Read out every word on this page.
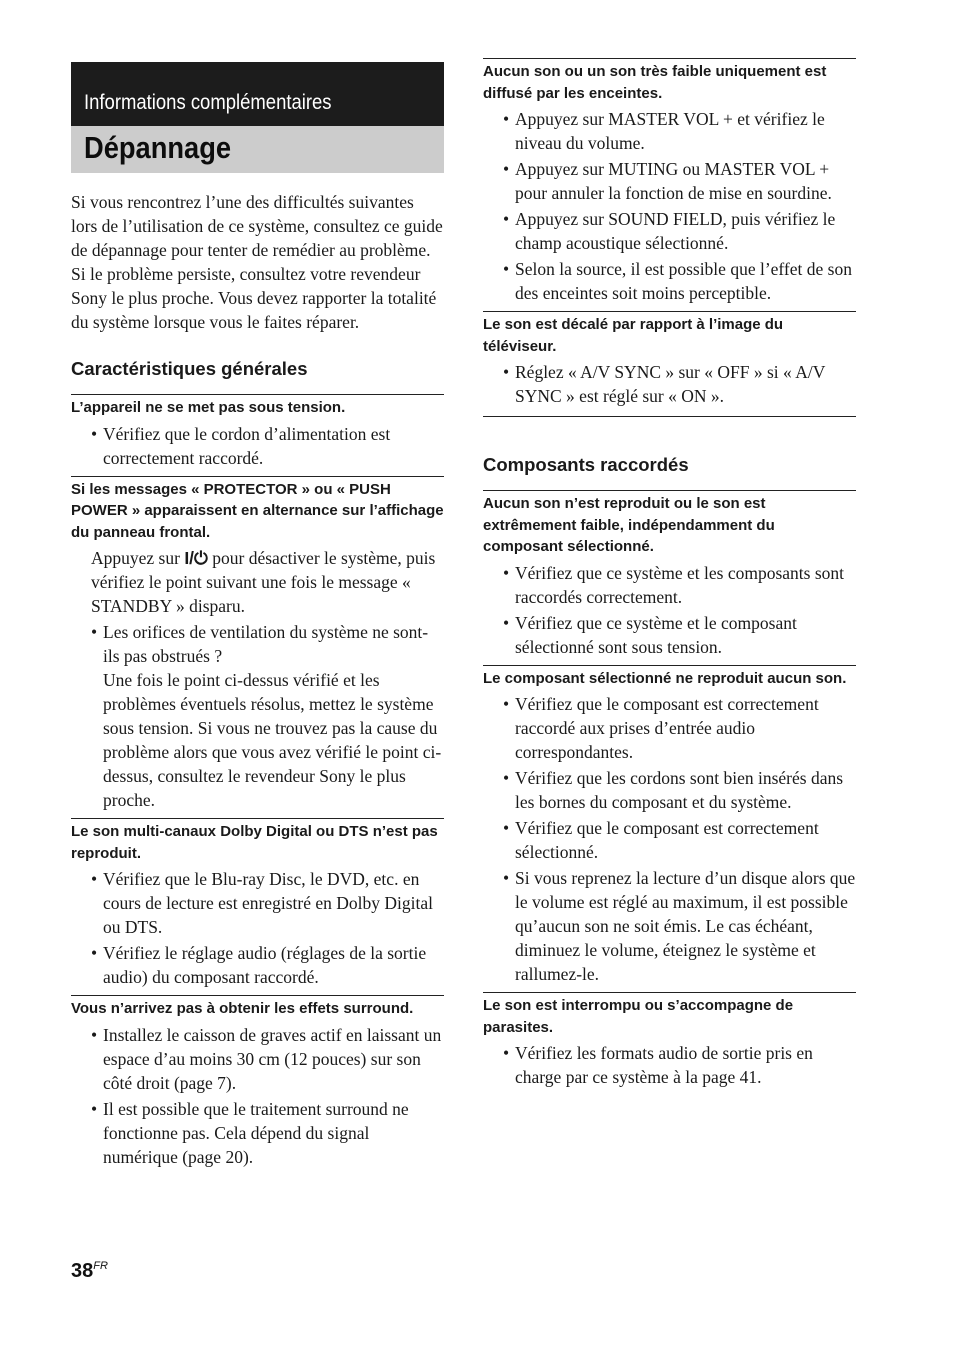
Informations complémentaires
Dépannage

Si vous rencontrez l’une des difficultés suivantes lors de l’utilisation de ce système, consultez ce guide de dépannage pour tenter de remédier au problème. Si le problème persiste, consultez votre revendeur Sony le plus proche. Vous devez rapporter la totalité du système lorsque vous le faites réparer.

Caractéristiques générales
L’appareil ne se met pas sous tension.
• Vérifiez que le cordon d’alimentation est correctement raccordé.
Si les messages « PROTECTOR » ou « PUSH POWER » apparaissent en alternance sur l’affichage du panneau frontal.

Appuyez sur I/⏻ pour désactiver le système, puis vérifiez le point suivant une fois le message « STANDBY » disparu.

• Les orifices de ventilation du système ne sont-ils pas obstrués ?
Une fois le point ci-dessus vérifié et les problèmes éventuels résolus, mettez le système sous tension. Si vous ne trouvez pas la cause du problème alors que vous avez vérifié le point ci-dessus, consultez le revendeur Sony le plus proche.
Le son multi-canaux Dolby Digital ou DTS n’est pas reproduit.
• Vérifiez que le Blu-ray Disc, le DVD, etc. en cours de lecture est enregistré en Dolby Digital ou DTS.
• Vérifiez le réglage audio (réglages de la sortie audio) du composant raccordé.
Vous n’arrivez pas à obtenir les effets surround.
• Installez le caisson de graves actif en laissant un espace d’au moins 30 cm (12 pouces) sur son côté droit (page 7).
• Il est possible que le traitement surround ne fonctionne pas. Cela dépend du signal numérique (page 20).
Aucun son ou un son très faible uniquement est diffusé par les enceintes.
• Appuyez sur MASTER VOL + et vérifiez le niveau du volume.
• Appuyez sur MUTING ou MASTER VOL + pour annuler la fonction de mise en sourdine.
• Appuyez sur SOUND FIELD, puis vérifiez le champ acoustique sélectionné.
• Selon la source, il est possible que l’effet de son des enceintes soit moins perceptible.
Le son est décalé par rapport à l’image du téléviseur.
• Réglez « A/V SYNC » sur « OFF » si « A/V SYNC » est réglé sur « ON ».
Composants raccordés
Aucun son n’est reproduit ou le son est extrêmement faible, indépendamment du composant sélectionné.
• Vérifiez que ce système et les composants sont raccordés correctement.
• Vérifiez que ce système et le composant sélectionné sont sous tension.
Le composant sélectionné ne reproduit aucun son.
• Vérifiez que le composant est correctement raccordé aux prises d’entrée audio correspondantes.
• Vérifiez que les cordons sont bien insérés dans les bornes du composant et du système.
• Vérifiez que le composant est correctement sélectionné.
• Si vous reprenez la lecture d’un disque alors que le volume est réglé au maximum, il est possible qu’aucun son ne soit émis. Le cas échéant, diminuez le volume, éteignez le système et rallumez-le.
Le son est interrompu ou s’accompagne de parasites.
• Vérifiez les formats audio de sortie pris en charge par ce système à la page 41.
$38^{FR}$
